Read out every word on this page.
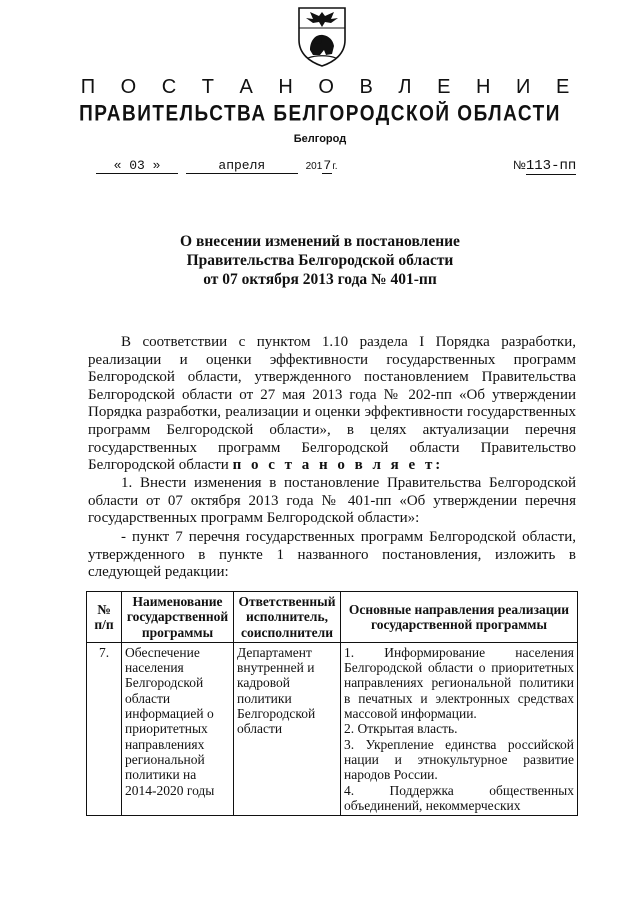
П О С Т А Н О В Л Е Н И Е
ПРАВИТЕЛЬСТВА БЕЛГОРОДСКОЙ ОБЛАСТИ
Белгород
« 03 »	апреля	2017г.	№113-пп
О внесении изменений в постановление
Правительства Белгородской области
от 07 октября 2013 года № 401-пп

В соответствии с пунктом 1.10 раздела I Порядка разработки, реализации и оценки эффективности государственных программ Белгородской области, утвержденного постановлением Правительства Белгородской области от 27 мая 2013 года № 202-пп «Об утверждении Порядка разработки, реализации и оценки эффективности государственных программ Белгородской области», в целях актуализации перечня государственных программ Белгородской области Правительство Белгородской области п о с т а н о в л я е т:

1. Внести изменения в постановление Правительства Белгородской области от 07 октября 2013 года № 401-пп «Об утверждении перечня государственных программ Белгородской области»:

- пункт 7 перечня государственных программ Белгородской области, утвержденного в пункте 1 названного постановления, изложить в следующей редакции:

№ п/п	Наименование государственной программы	Ответственный исполнитель, соисполнители	Основные направления реализации государственной программы
7.	Обеспечение населения Белгородской области информацией о приоритетных направлениях региональной политики на 2014-2020 годы	Департамент внутренней и кадровой политики Белгородской области	1. Информирование населения Белгородской области о приоритетных направлениях региональной политики в печатных и электронных средствах массовой информации.
2. Открытая власть.
3. Укрепление единства российской нации и этнокультурное развитие народов России.
4. Поддержка общественных объединений, некоммерческих
